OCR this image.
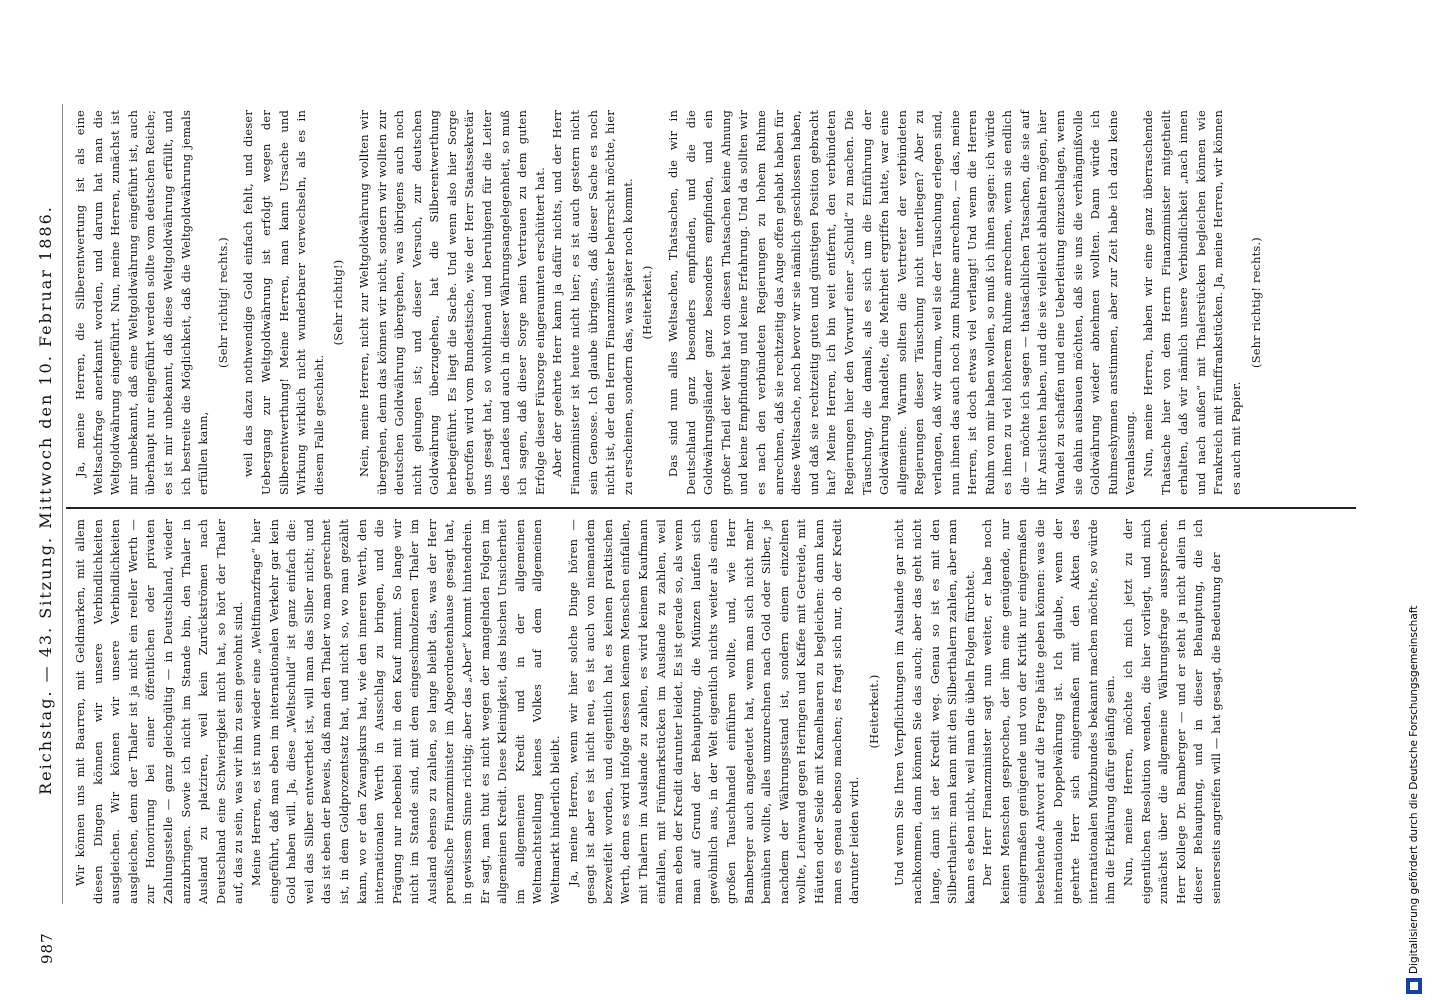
987
Reichstag. — 43. Sitzung. Mittwoch den 10. Februar 1886. Wir können uns mit Baarren, mit Geldmarken, mit allem diesen Dingen können wir unsere Verbindlichkeiten ausgleichen. Wir können wir unsere Verbindlichkeiten ausgleichen, denn der Thaler ist ja nicht ein reeller Werth — zur Honorirung bei einer öffentlichen oder privaten Zahlungsstelle — ganz gleichgültig — in Deutschland, wieder anzubringen. Sowie ich nicht im Stande bin, den Thaler in Ausland zu platziren, weil kein Zurückströmen nach Deutschland eine Schwierigkeit nicht hat, so hört der Thaler auf, das zu sein, was wir ihn zu sein gewohnt sind. Meine Herren, es ist nun wieder eine „Weltfinanzfrage“ hier eingeführt, daß man eben im internationalen Verkehr gar kein Gold haben will. Ja, diese „Weltschuld“ ist ganz einfach die: weil das Silber entwerthet ist, will man das Silber nicht; und das ist eben der Beweis, daß man den Thaler wo man gerechnet ist, in dem Goldprozentsatz hat, und nicht so, wo man gezählt kann, wo er den Zwangskurs hat, wie den inneren Werth, den internationalen Werth in Ausschlag zu bringen, und die Prägung nur nebenbei mit in den Kauf nimmt. So lange wir nicht im Stande sind, mit dem eingeschmolzenen Thaler im Ausland ebenso zu zahlen, so lange bleibt das, was der Herr preußische Finanzminister im Abgeordnetenhause gesagt hat, in gewissem Sinne richtig; aber das „Aber“ kommt hintendrein. Er sagt, man thut es nicht wegen der mangelnden Folgen im allgemeinen Kredit. Diese Kleinigkeit, das bischen Unsicherheit im allgemeinen Kredit und in der allgemeinen Weltmachtstellung keines Volkes auf dem allgemeinen Weltmarkt hinderlich bleibt. Ja, meine Herren, wenn wir hier solche Dinge hören — gesagt ist aber es ist nicht neu, es ist auch von niemandem bezweifelt worden, und eigentlich hat es keinen praktischen Werth, denn es wird infolge dessen keinem Menschen einfallen, mit Thalern im Auslande zu zahlen, es wird keinem Kaufmann einfallen, mit Fünfmarkstücken im Auslande zu zahlen, weil man eben der Kredit darunter leidet. Es ist gerade so, als wenn man auf Grund der Behauptung, die Münzen laufen sich gewöhnlich aus, in der Welt eigentlich nichts weiter als einen großen Tauschhandel einführen wollte, und, wie Herr Bamberger auch angedeutet hat, wenn man sich nicht mehr bemühen wollte, alles umzurechnen nach Gold oder Silber, je nachdem der Währungsstand ist, sondern einem einzelnen wollte, Leinwand gegen Heringen und Kaffee mit Getreide, mit Häuten oder Seide mit Kamelhaaren zu begleichen: dann kann man es genau ebenso machen; es fragt sich nur, ob der Kredit darunter leiden wird.

(Heiterkeit.) Und wenn Sie Ihren Verpflichtungen im Auslande gar nicht nachkommen, dann können Sie das auch; aber das geht nicht lange, dann ist der Kredit weg. Genau so ist es mit den Silberthalern: man kann mit den Silberthalern zahlen, aber man kann es eben nicht, weil man die übeln Folgen fürchtet. Der Herr Finanzminister sagt nun weiter, er habe noch keinen Menschen gesprochen, der ihm eine genügende, nur einigermaßen genügende und von der Kritik nur einigermaßen bestehende Antwort auf die Frage hätte geben können: was die internationale Doppelwährung ist. Ich glaube, wenn der geehrte Herr sich einigermaßen mit den Akten des internationalen Münzbundes bekannt machen möchte, so würde ihm die Erklärung dafür gelänfig sein. Nun, meine Herren, möchte ich mich jetzt zu der eigentlichen Resolution wenden, die hier vorliegt, und mich zunächst über die allgemeine Währungsfrage aussprechen. Herr Kollege Dr. Bamberger — und er steht ja nicht allein in dieser Behauptung, und in dieser Behauptung, die ich seinerseits angreifen will — hat gesagt, die Bedeutung der

Ja, meine Herren, die Silberentwertung ist als eine Weltsachfrage anerkannt worden, und darum hat man die Weltgoldwährung eingeführt. Nun, meine Herren, zunächst ist mir unbekannt, daß eine Weltgoldwährung eingeführt ist, auch überhaupt nur eingeführt werden sollte vom deutschen Reiche; es ist mir unbekannt, daß diese Weltgoldwährung erfüllt, und ich bestreite die Möglichkeit, daß die Weltgoldwährung jemals erfüllen kann,

(Sehr richtig! rechts.) weil das dazu nothwendige Gold einfach fehlt, und dieser Uebergang zur Weltgoldwährung ist erfolgt wegen der Silberentwerthung! Meine Herren, man kann Ursache und Wirkung wirklich nicht wunderbarer verwechseln, als es in diesem Falle geschieht.

(Sehr richtig!) Nein, meine Herren, nicht zur Weltgoldwährung wollten wir übergehen, denn das können wir nicht, sondern wir wollten zur deutschen Goldwährung übergehen, was übrigens auch noch nicht gelungen ist; und dieser Versuch, zur deutschen Goldwährung überzugehen, hat die Silberentwerthung herbeigeführt. Es liegt die Sache. Und wenn also hier Sorge getroffen wird vom Bundestische, wie der Herr Staatssekretär uns gesagt hat, so wohlthuend und beruhigend für die Leiter des Landes und auch in dieser Währungsangelegenheit, so muß ich sagen, daß dieser Sorge mein Vertrauen zu dem guten Erfolge dieser Fürsorge eingeraumten erschüttert hat. Aber der geehrte Herr kann ja dafür nichts, und der Herr Finanzminister ist heute nicht hier; es ist auch gestern nicht sein Genosse. Ich glaube übrigens, daß dieser Sache es noch nicht ist, der den Herrn Finanzminister beherrscht möchte, hier zu erscheinen, sondern das, was später noch kommt. (Heiterkeit.) Das sind nun alles Weltsachen, Thatsachen, die wir in Deutschland ganz besonders empfinden, und die die Goldwährungsländer ganz besonders empfinden, und ein großer Theil der Welt hat von diesen Thatsachen keine Ahnung und keine Empfindung und keine Erfahrung. Und da sollten wir es nach den verbündeten Regierungen zu hohem Ruhme anrechnen, daß sie rechtzeitig das Auge offen gehabt haben für diese Weltsache, noch bevor wir sie nämlich geschlossen haben, und daß sie rechtzeitig guten und günstigen Position gebracht hat? Meine Herren, ich bin weit entfernt, den verbündeten Regierungen hier den Vorwurf einer „Schuld“ zu machen. Die Täuschung, die damals, als es sich um die Einführung der Goldwährung handelte, die Mehrheit ergriffen hatte, war eine allgemeine. Warum sollten die Vertreter der verbündeten Regierungen dieser Täuschung nicht unterliegen? Aber zu verlangen, daß wir darum, weil sie der Täuschung erlegen sind, nun ihnen das auch noch zum Ruhme anrechnen, — das, meine Herren, ist doch etwas viel verlangt! Und wenn die Herren Ruhm von mir haben wollen, so muß ich ihnen sagen: ich würde es ihnen zu viel höherem Ruhme anrechnen, wenn sie endlich die — möchte ich sagen — thatsächlichen Tatsachen, die sie auf ihr Ansichten haben, und die sie vielleicht abhalten mögen, hier Wandel zu schaffen und eine Ueberleitung einzuschlagen, wenn sie dahin ausbauen möchten, daß sie uns die verhängnißvolle Goldwährung wieder abnehmen wollten. Dann würde ich Ruhmeshymnen anstimmen, aber zur Zeit habe ich dazu keine Veranlassung. Nun, meine Herren, haben wir eine ganz überraschende Thatsache hier von dem Herrn Finanzminister mitgetheilt erhalten, daß wir nämlich unsere Verbindlichkeit „nach innen und nach außen“ mit Thalerstücken begleichen können wie Frankreich mit Fünffrankstücken. Ja, meine Herren, wir können es auch mit Papier.

(Sehr richtig! rechts.)

Digitalisierung gefördert durch die Deutsche Forschungsgemeinschaft
